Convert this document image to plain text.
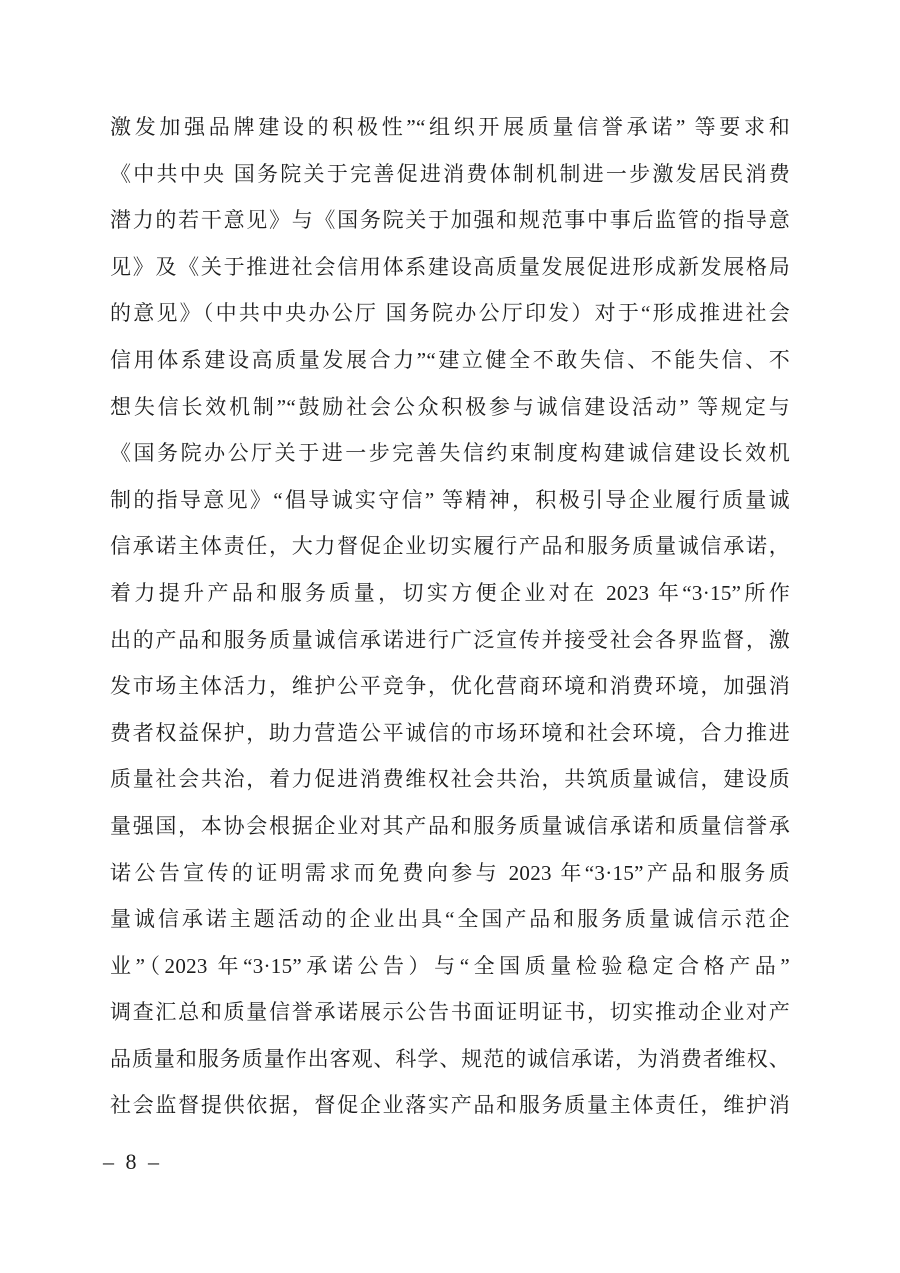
激发加强品牌建设的积极性”“组织开展质量信誉承诺” 等要求和
《中共中央 国务院关于完善促进消费体制机制进一步激发居民消费
潜力的若干意见》与《国务院关于加强和规范事中事后监管的指导意
见》及《关于推进社会信用体系建设高质量发展促进形成新发展格局
的意见》（中共中央办公厅 国务院办公厅印发）对于“形成推进社会
信用体系建设高质量发展合力”“建立健全不敢失信、不能失信、不
想失信长效机制”“鼓励社会公众积极参与诚信建设活动” 等规定与
《国务院办公厅关于进一步完善失信约束制度构建诚信建设长效机
制的指导意见》“倡导诚实守信” 等精神，积极引导企业履行质量诚
信承诺主体责任，大力督促企业切实履行产品和服务质量诚信承诺，
着力提升产品和服务质量，切实方便企业对在 2023 年“3·15”所作
出的产品和服务质量诚信承诺进行广泛宣传并接受社会各界监督，激
发市场主体活力，维护公平竞争，优化营商环境和消费环境，加强消
费者权益保护，助力营造公平诚信的市场环境和社会环境，合力推进
质量社会共治，着力促进消费维权社会共治，共筑质量诚信，建设质
量强国，本协会根据企业对其产品和服务质量诚信承诺和质量信誉承
诺公告宣传的证明需求而免费向参与 2023 年“3·15”产品和服务质
量诚信承诺主题活动的企业出具“全国产品和服务质量诚信示范企
业”（2023 年“3·15”承诺公告）与“全国质量检验稳定合格产品”
调查汇总和质量信誉承诺展示公告书面证明证书，切实推动企业对产
品质量和服务质量作出客观、科学、规范的诚信承诺，为消费者维权、
社会监督提供依据，督促企业落实产品和服务质量主体责任，维护消
– 8 –
